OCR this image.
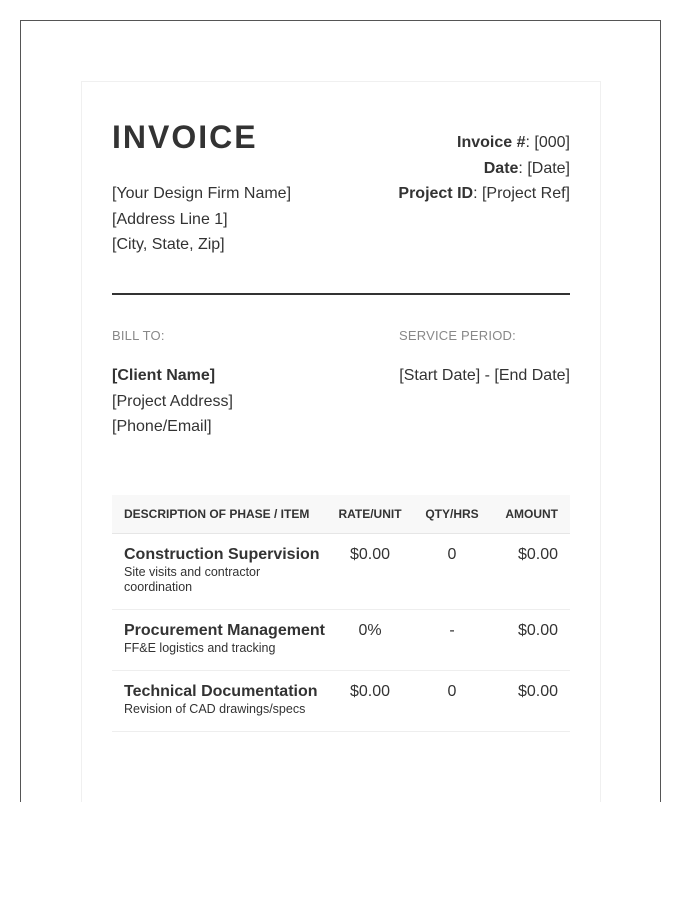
INVOICE
[Your Design Firm Name]
[Address Line 1]
[City, State, Zip]
Invoice #: [000]
Date: [Date]
Project ID: [Project Ref]
BILL TO:	SERVICE PERIOD:
[Client Name]
[Project Address]
[Phone/Email]
[Start Date] - [End Date]
DESCRIPTION OF PHASE / ITEM	RATE/UNIT	QTY/HRS	AMOUNT

Construction Supervision
Site visits and contractor coordination	$0.00	0	$0.00

Procurement Management
FF&E logistics and tracking	0%	-	$0.00

Technical Documentation
Revision of CAD drawings/specs	$0.00	0	$0.00
